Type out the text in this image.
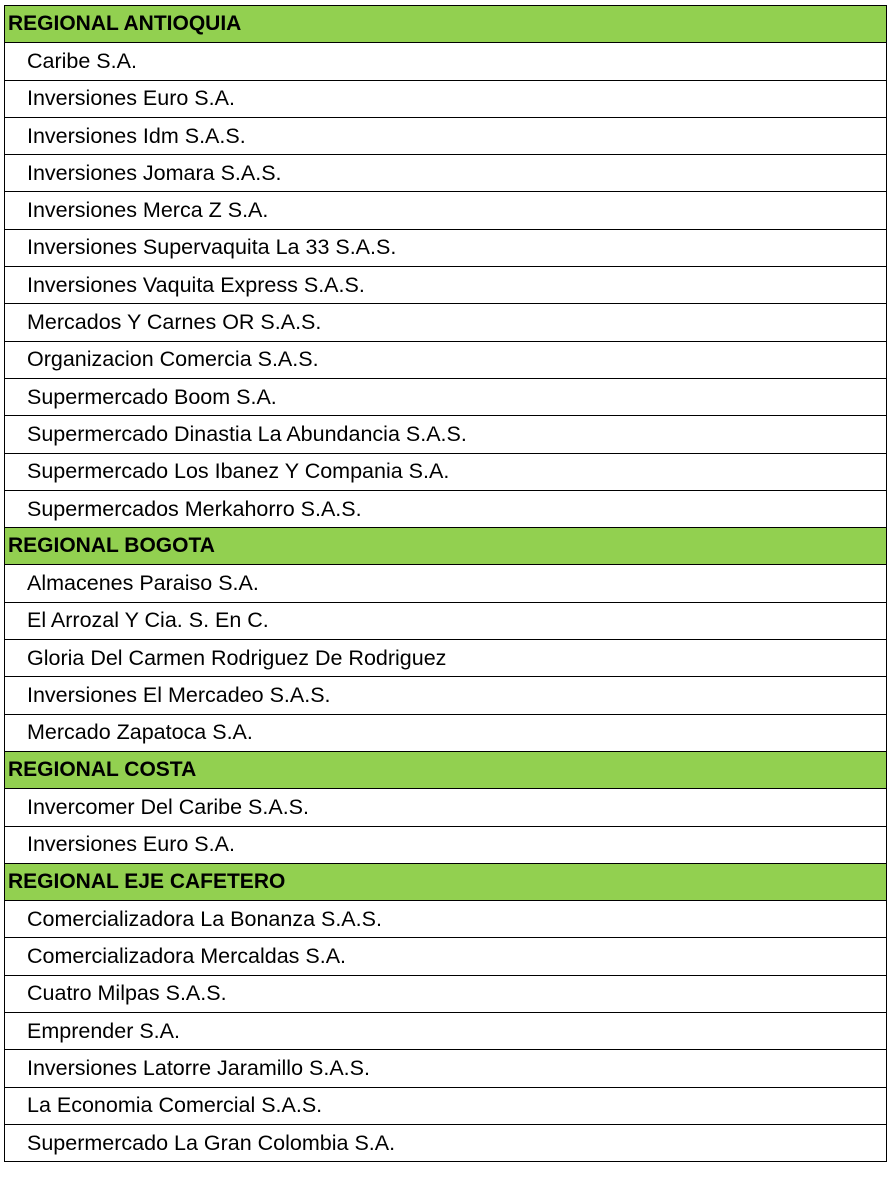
REGIONAL ANTIOQUIA
Caribe S.A.
Inversiones Euro S.A.
Inversiones Idm S.A.S.
Inversiones Jomara S.A.S.
Inversiones Merca Z S.A.
Inversiones Supervaquita La 33 S.A.S.
Inversiones Vaquita Express S.A.S.
Mercados Y Carnes OR S.A.S.
Organizacion Comercia S.A.S.
Supermercado Boom S.A.
Supermercado Dinastia La Abundancia S.A.S.
Supermercado Los Ibanez Y Compania S.A.
Supermercados Merkahorro S.A.S.
REGIONAL BOGOTA
Almacenes Paraiso S.A.
El Arrozal Y Cia. S. En C.
Gloria Del Carmen Rodriguez De Rodriguez
Inversiones El Mercadeo S.A.S.
Mercado Zapatoca S.A.
REGIONAL COSTA
Invercomer Del Caribe S.A.S.
Inversiones Euro S.A.
REGIONAL EJE CAFETERO
Comercializadora La Bonanza S.A.S.
Comercializadora Mercaldas S.A.
Cuatro Milpas S.A.S.
Emprender S.A.
Inversiones Latorre Jaramillo S.A.S.
La Economia Comercial S.A.S.
Supermercado La Gran Colombia S.A.
